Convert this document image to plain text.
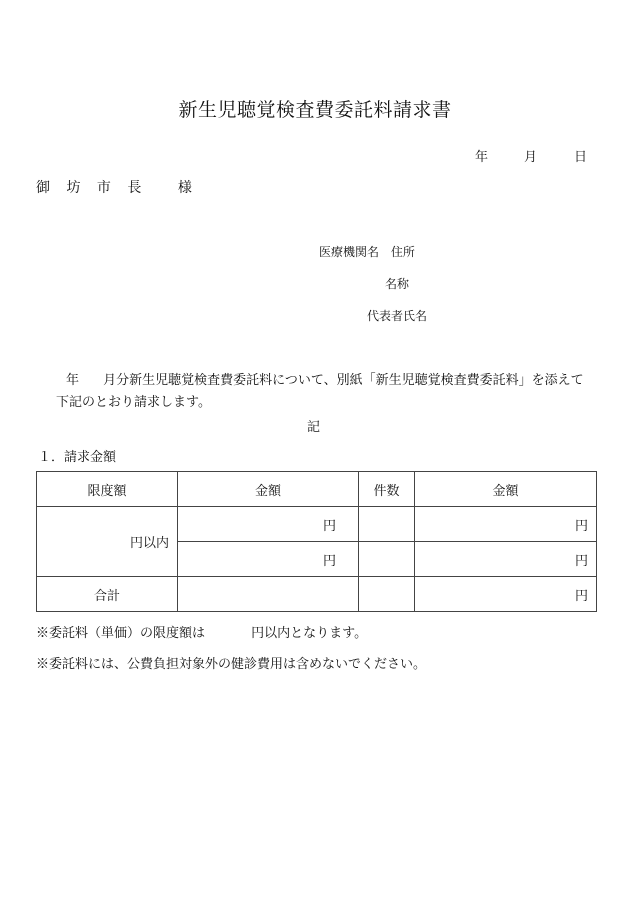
新生児聴覚検査費委託料請求書
年	月	日
御 坊 市 長 様
医療機関名 住所
名称
代表者氏名
年 月分新生児聴覚検査費委託料について、別紙「新生児聴覚検査費委託料」を添えて
下記のとおり請求します。
記
１．請求金額
限度額	金額	件数	金額
円以内	円		円
	円		円
合計			円
※委託料（単価）の限度額は	円以内となります。
※委託料には、公費負担対象外の健診費用は含めないでください。
